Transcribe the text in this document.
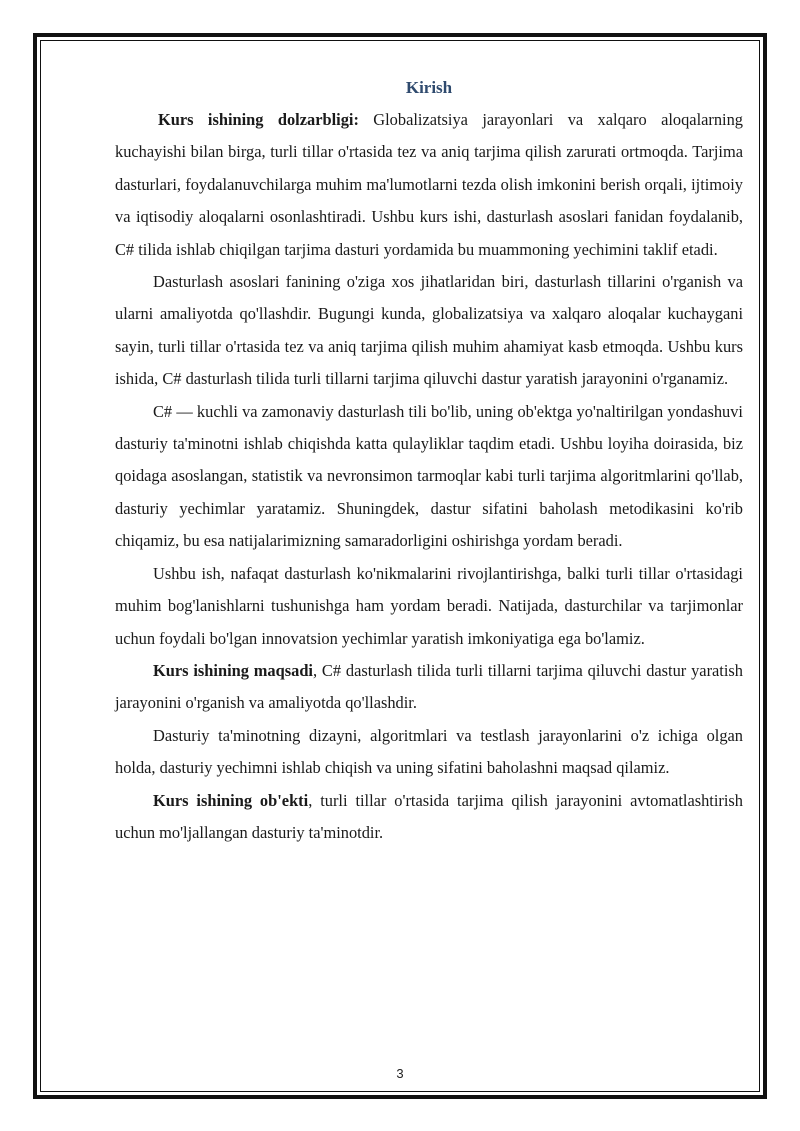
Kirish

Kurs ishining dolzarbligi: Globalizatsiya jarayonlari va xalqaro aloqalarning kuchayishi bilan birga, turli tillar o'rtasida tez va aniq tarjima qilish zarurati ortmoqda. Tarjima dasturlari, foydalanuvchilarga muhim ma'lumotlarni tezda olish imkonini berish orqali, ijtimoiy va iqtisodiy aloqalarni osonlashtiradi. Ushbu kurs ishi, dasturlash asoslari fanidan foydalanib, C# tilida ishlab chiqilgan tarjima dasturi yordamida bu muammoning yechimini taklif etadi.

Dasturlash asoslari fanining o'ziga xos jihatlaridan biri, dasturlash tillarini o'rganish va ularni amaliyotda qo'llashdir. Bugungi kunda, globalizatsiya va xalqaro aloqalar kuchaygani sayin, turli tillar o'rtasida tez va aniq tarjima qilish muhim ahamiyat kasb etmoqda. Ushbu kurs ishida, C# dasturlash tilida turli tillarni tarjima qiluvchi dastur yaratish jarayonini o'rganamiz.

C# — kuchli va zamonaviy dasturlash tili bo'lib, uning ob'ektga yo'naltirilgan yondashuvi dasturiy ta'minotni ishlab chiqishda katta qulayliklar taqdim etadi. Ushbu loyiha doirasida, biz qoidaga asoslangan, statistik va nevronsimon tarmoqlar kabi turli tarjima algoritmlarini qo'llab, dasturiy yechimlar yaratamiz. Shuningdek, dastur sifatini baholash metodikasini ko'rib chiqamiz, bu esa natijalarimizning samaradorligini oshirishga yordam beradi.

Ushbu ish, nafaqat dasturlash ko'nikmalarini rivojlantirishga, balki turli tillar o'rtasidagi muhim bog'lanishlarni tushunishga ham yordam beradi. Natijada, dasturchilar va tarjimonlar uchun foydali bo'lgan innovatsion yechimlar yaratish imkoniyatiga ega bo'lamiz.

Kurs ishining maqsadi, C# dasturlash tilida turli tillarni tarjima qiluvchi dastur yaratish jarayonini o'rganish va amaliyotda qo'llashdir.

Dasturiy ta'minotning dizayni, algoritmlari va testlash jarayonlarini o'z ichiga olgan holda, dasturiy yechimni ishlab chiqish va uning sifatini baholashni maqsad qilamiz.

Kurs ishining ob'ekti, turli tillar o'rtasida tarjima qilish jarayonini avtomatlashtirish uchun mo'ljallangan dasturiy ta'minotdir.

3
